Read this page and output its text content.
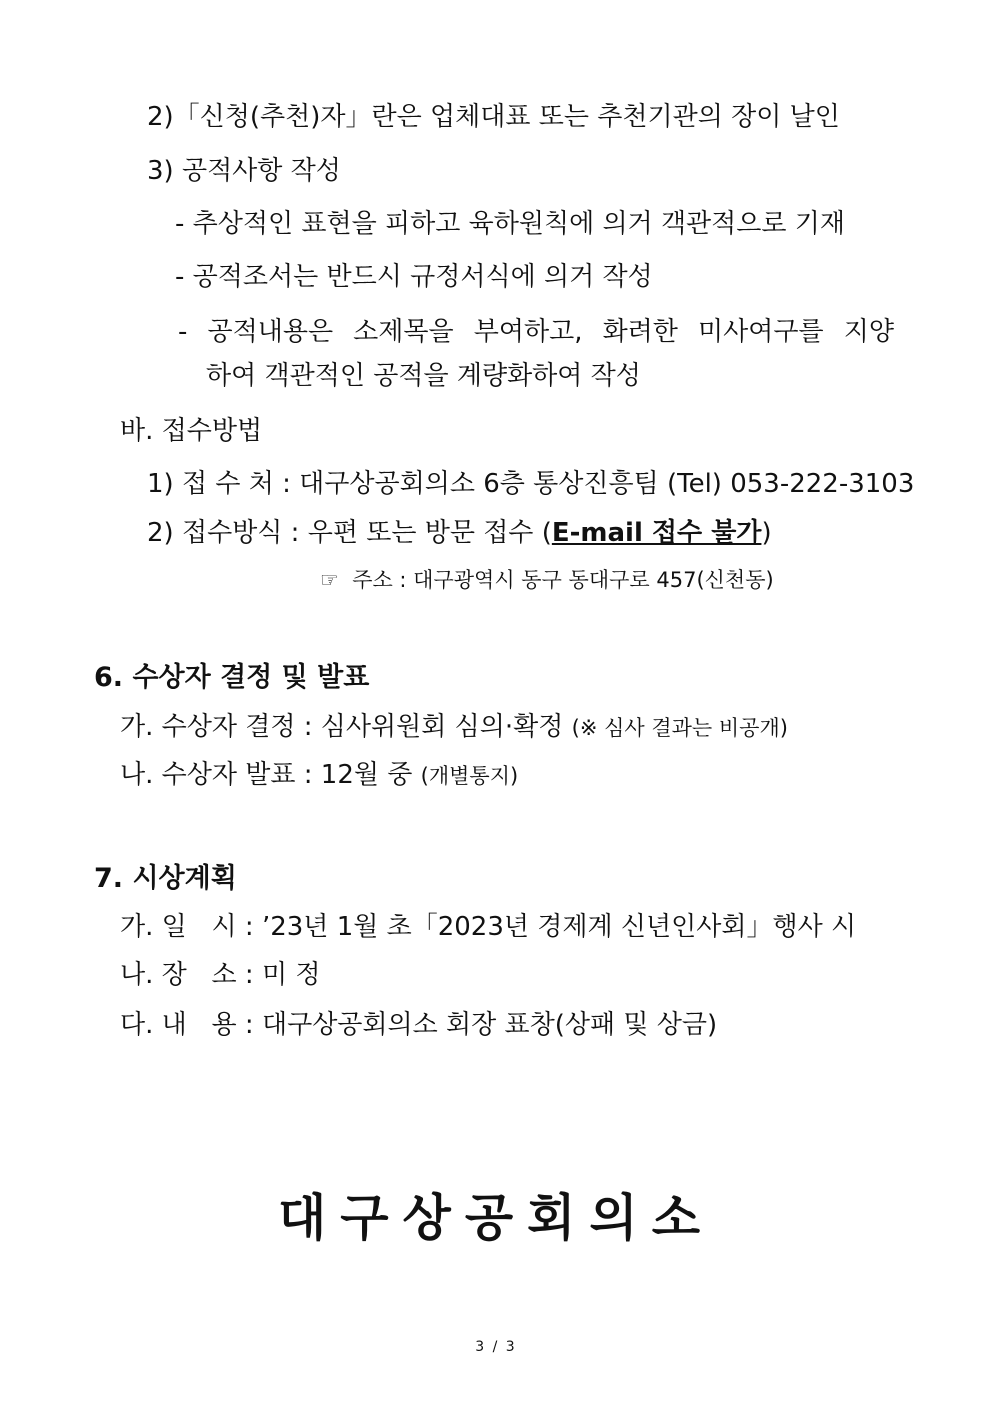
2)「신청(추천)자」란은 업체대표 또는 추천기관의 장이 날인
3) 공적사항 작성
- 추상적인 표현을 피하고 육하원칙에 의거 객관적으로 기재
- 공적조서는 반드시 규정서식에 의거 작성
- 공적내용은 소제목을 부여하고, 화려한 미사여구를 지양
하여 객관적인 공적을 계량화하여 작성
바. 접수방법
1) 접 수 처 : 대구상공회의소 6층 통상진흥팀 (Tel) 053-222-3103
2) 접수방식 : 우편 또는 방문 접수 (E-mail 접수 불가)
☞ 주소 : 대구광역시 동구 동대구로 457(신천동)
6. 수상자 결정 및 발표
가. 수상자 결정 : 심사위원회 심의·확정 (※ 심사 결과는 비공개)
나. 수상자 발표 : 12월 중 (개별통지)
7. 시상계획
가. 일   시 : ’23년 1월 초「2023년 경제계 신년인사회」행사 시
나. 장   소 : 미 정
다. 내   용 : 대구상공회의소 회장 표창(상패 및 상금)
대구상공회의소
3 / 3
